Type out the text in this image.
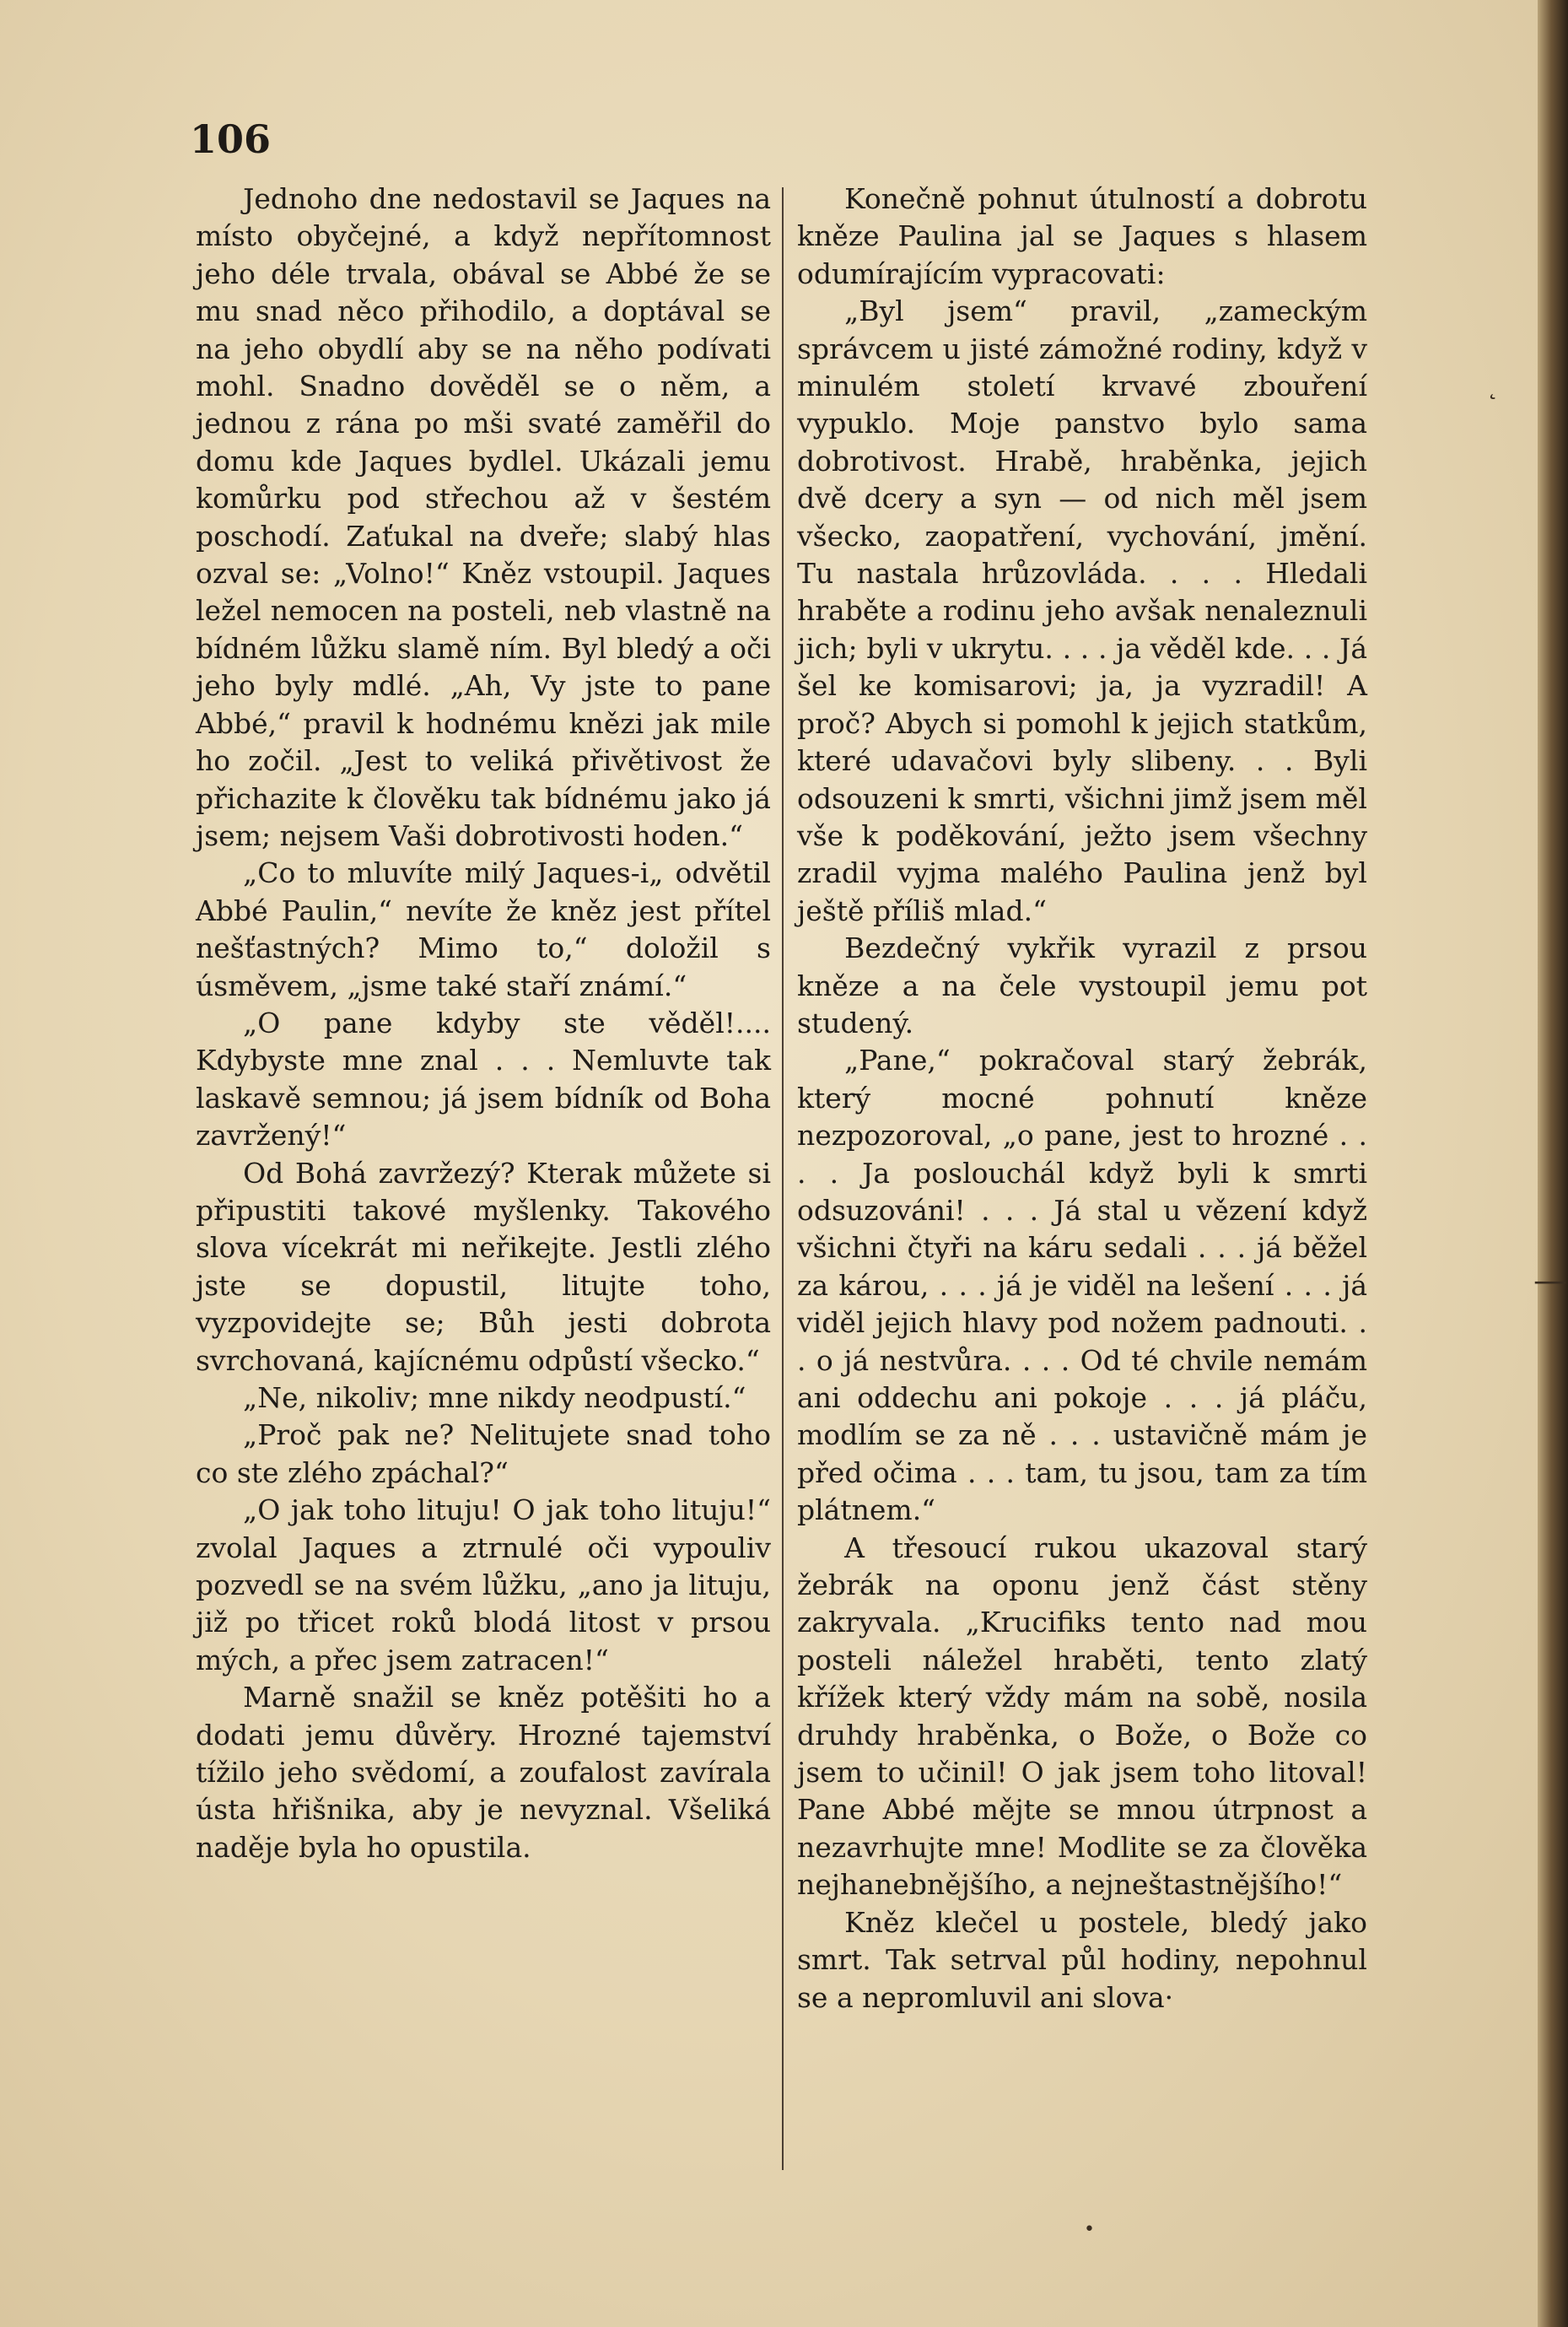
106

Jednoho dne nedostavil se Jaques na místo obyčejné, a když nepřítomnost jeho déle trvala, obával se Abbé že se mu snad něco přihodilo, a doptával se na jeho obydlí aby se na něho podívati mohl. Snadno dověděl se o něm, a jednou z rána po mši svaté zaměřil do domu kde Jaques bydlel. Ukázali jemu komůrku pod střechou až v šestém poschodí. Zaťukal na dveře; slabý hlas ozval se: „Volno!“ Kněz vstoupil. Jaques ležel nemocen na posteli, neb vlastně na bídném lůžku slamě ním. Byl bledý a oči jeho byly mdlé. „Ah, Vy jste to pane Abbé,“ pravil k hodnému knězi jak mile ho zočil. „Jest to veliká přivětivost že přichazite k člověku tak bídnému jako já jsem; nejsem Vaši dobrotivosti hoden.“

„Co to mluvíte milý Jaques-i„ odvětil Abbé Paulin,“ nevíte že kněz jest přítel nešťastných? Mimo to,“ doložil s úsměvem, „jsme také staří známí.“

„O pane kdyby ste věděl!.... Kdybyste mne znal . . . Nemluvte tak laskavě semnou; já jsem bídník od Boha zavržený!“

Od Bohá zavržezý? Kterak můžete si připustiti takové myšlenky. Takového slova vícekrát mi neřikejte. Jestli zlého jste se dopustil, litujte toho, vyzpovidejte se; Bůh jesti dobrota svrchovaná, kajícnému odpůstí všecko.“

„Ne, nikoliv; mne nikdy neodpustí.“

„Proč pak ne? Nelitujete snad toho co ste zlého zpáchal?“

„O jak toho lituju! O jak toho lituju!“ zvolal Jaques a ztrnulé oči vypouliv pozvedl se na svém lůžku, „ano ja lituju, již po třicet roků blodá litost v prsou mých, a přec jsem zatracen!“

Marně snažil se kněz potěšiti ho a dodati jemu důvěry. Hrozné tajemství tížilo jeho svědomí, a zoufalost zavírala ústa hřišnika, aby je nevyznal. Všeliká naděje byla ho opustila.

Konečně pohnut útulností a dobrotu kněze Paulina jal se Jaques s hlasem odumírajícím vypracovati:

„Byl jsem“ pravil, „zameckým správcem u jisté zámožné rodiny, když v minulém století krvavé zbouření vypuklo. Moje panstvo bylo sama dobrotivost. Hrabě, hraběnka, jejich dvě dcery a syn — od nich měl jsem všecko, zaopatření, vychování, jmění. Tu nastala hrůzovláda. . . . Hledali hraběte a rodinu jeho avšak nenaleznuli jich; byli v ukrytu. . . . ja věděl kde. . . Já šel ke komisarovi; ja, ja vyzradil! A proč? Abych si pomohl k jejich statkům, které udavačovi byly slibeny. . . Byli odsouzeni k smrti, všichni jimž jsem měl vše k poděkování, ježto jsem všechny zradil vyjma malého Paulina jenž byl ještě příliš mlad.“

Bezdečný vykřik vyrazil z prsou kněze a na čele vystoupil jemu pot studený.

„Pane,“ pokračoval starý žebrák, který mocné pohnutí kněze nezpozoroval, „o pane, jest to hrozné . . . . Ja poslouchál když byli k smrti odsuzováni! . . . Já stal u vězení když všichni čtyři na káru sedali . . . já běžel za károu, . . . já je viděl na lešení . . . já viděl jejich hlavy pod nožem padnouti. . . o já nestvůra. . . . Od té chvile nemám ani oddechu ani pokoje . . . já pláču, modlím se za ně . . . ustavičně mám je před očima . . . tam, tu jsou, tam za tím plátnem.“

A třesoucí rukou ukazoval starý žebrák na oponu jenž část stěny zakryvala. „Krucifiks tento nad mou posteli náležel hraběti, tento zlatý křížek který vždy mám na sobě, nosila druhdy hraběnka, o Bože, o Bože co jsem to učinil! O jak jsem toho litoval! Pane Abbé mějte se mnou útrpnost a nezavrhujte mne! Modlite se za člověka nejhanebnějšího, a nejneštastnějšího!“

Kněz klečel u postele, bledý jako smrt. Tak setrval půl hodiny, nepohnul se a nepromluvil ani slova·

˛
—
•
